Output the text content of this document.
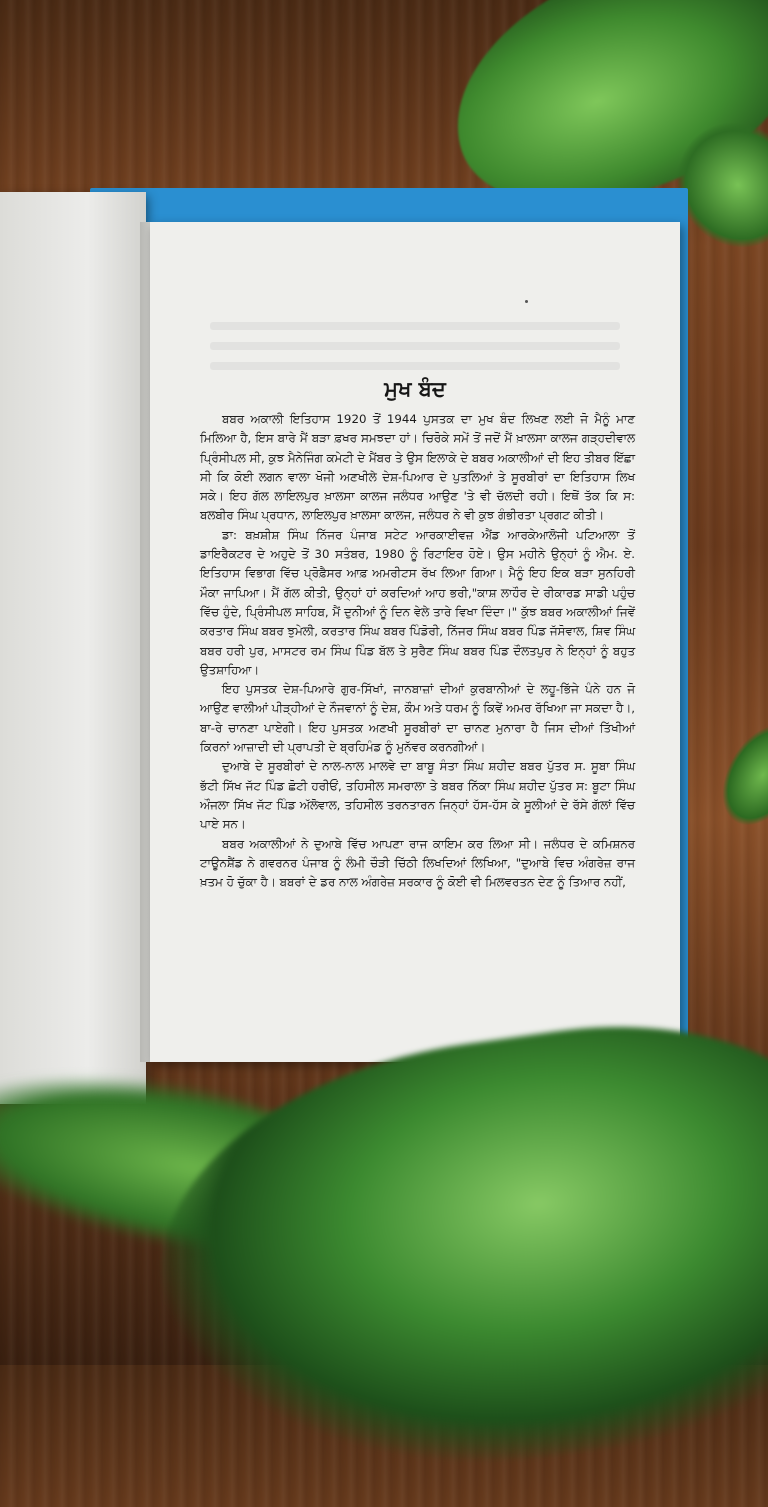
ਮੁਖ ਬੰਦ

ਬਬਰ ਅਕਾਲੀ ਇਤਿਹਾਸ 1920 ਤੋਂ 1944 ਪੁਸਤਕ ਦਾ ਮੁਖ ਬੰਦ ਲਿਖਣ ਲਈ ਜੋ ਮੈਨੂੰ ਮਾਣ ਮਿਲਿਆ ਹੈ, ਇਸ ਬਾਰੇ ਮੈਂ ਬੜਾ ਫ਼ਖਰ ਸਮਝਦਾ ਹਾਂ। ਚਿਰੋਕੇ ਸਮੇਂ ਤੋਂ ਜਦੋਂ ਮੈਂ ਖ਼ਾਲਸਾ ਕਾਲਜ ਗੜ੍ਹਦੀਵਾਲ ਪ੍ਰਿੰਸੀਪਲ ਸੀ, ਕੁਝ ਮੈਨੇਜਿੰਗ ਕਮੇਟੀ ਦੇ ਮੈਂਬਰ ਤੇ ਉਸ ਇਲਾਕੇ ਦੇ ਬਬਰ ਅਕਾਲੀਆਂ ਦੀ ਇਹ ਤੀਬਰ ਇੱਛਾ ਸੀ ਕਿ ਕੋਈ ਲਗਨ ਵਾਲਾ ਖੋਜੀ ਅਣਖੀਲੇ ਦੇਸ਼-ਪਿਆਰ ਦੇ ਪੁਤਲਿਆਂ ਤੇ ਸੂਰਬੀਰਾਂ ਦਾ ਇਤਿਹਾਸ ਲਿਖ ਸਕੇ। ਇਹ ਗੱਲ ਲਾਇਲਪੁਰ ਖ਼ਾਲਸਾ ਕਾਲਜ ਜਲੰਧਰ ਆਉਣ 'ਤੇ ਵੀ ਚੱਲਦੀ ਰਹੀ। ਇਥੋਂ ਤੱਕ ਕਿ ਸ: ਬਲਬੀਰ ਸਿੰਘ ਪ੍ਰਧਾਨ, ਲਾਇਲਪੁਰ ਖ਼ਾਲਸਾ ਕਾਲਜ, ਜਲੰਧਰ ਨੇ ਵੀ ਕੁਝ ਗੰਭੀਰਤਾ ਪ੍ਰਗਟ ਕੀਤੀ।

ਡਾ: ਬਖ਼ਸ਼ੀਸ਼ ਸਿੰਘ ਨਿੱਜਰ ਪੰਜਾਬ ਸਟੇਟ ਆਰਕਾਈਵਜ਼ ਐਂਡ ਆਰਕੇਆਲੋਜੀ ਪਟਿਆਲਾ ਤੋਂ ਡਾਇਰੈਕਟਰ ਦੇ ਅਹੁਦੇ ਤੋਂ 30 ਸਤੰਬਰ, 1980 ਨੂੰ ਰਿਟਾਇਰ ਹੋਏ। ਉਸ ਮਹੀਨੇ ਉਨ੍ਹਾਂ ਨੂੰ ਐਮ. ਏ. ਇਤਿਹਾਸ ਵਿਭਾਗ ਵਿੱਚ ਪ੍ਰੋਫ਼ੈਸਰ ਆਫ਼ ਅਮਰੀਟਸ ਰੱਖ ਲਿਆ ਗਿਆ। ਮੈਨੂੰ ਇਹ ਇਕ ਬੜਾ ਸੁਨਹਿਰੀ ਮੌਕਾ ਜਾਪਿਆ। ਮੈਂ ਗੱਲ ਕੀਤੀ, ਉਨ੍ਹਾਂ ਹਾਂ ਕਰਦਿਆਂ ਆਹ ਭਰੀ,"ਕਾਸ਼ ਲਾਹੌਰ ਦੇ ਰੀਕਾਰਡ ਸਾਡੀ ਪਹੁੰਚ ਵਿੱਚ ਹੁੰਦੇ, ਪ੍ਰਿੰਸੀਪਲ ਸਾਹਿਬ, ਮੈਂ ਦੁਨੀਆਂ ਨੂੰ ਦਿਨ ਵੇਲੇ ਤਾਰੇ ਵਿਖਾ ਦਿੰਦਾ।" ਕੁੱਝ ਬਬਰ ਅਕਾਲੀਆਂ ਜਿਵੇਂ ਕਰਤਾਰ ਸਿੰਘ ਬਬਰ ਝੁਮੇਲੀ, ਕਰਤਾਰ ਸਿੰਘ ਬਬਰ ਪਿੰਡੋਰੀ, ਨਿੱਜਰ ਸਿੰਘ ਬਬਰ ਪਿੰਡ ਜੱਸੋਵਾਲ, ਸ਼ਿਵ ਸਿੰਘ ਬਬਰ ਹਰੀ ਪੁਰ, ਮਾਸਟਰ ਰਮ ਸਿੰਘ ਪਿੰਡ ਬੱਲ ਤੇ ਸੁਰੈਣ ਸਿੰਘ ਬਬਰ ਪਿੰਡ ਦੌਲਤਪੁਰ ਨੇ ਇਨ੍ਹਾਂ ਨੂੰ ਬਹੁਤ ਉਤਸ਼ਾਹਿਆ।

ਇਹ ਪੁਸਤਕ ਦੇਸ਼-ਪਿਆਰੇ ਗੁਰ-ਸਿੱਖਾਂ, ਜਾਨਬਾਜ਼ਾਂ ਦੀਆਂ ਕੁਰਬਾਨੀਆਂ ਦੇ ਲਹੂ-ਭਿੱਜੇ ਪੰਨੇ ਹਨ ਜੋ ਆਉਣ ਵਾਲੀਆਂ ਪੀੜ੍ਹੀਆਂ ਦੇ ਨੌਜਵਾਨਾਂ ਨੂੰ ਦੇਸ਼, ਕੌਮ ਅਤੇ ਧਰਮ ਨੂੰ ਕਿਵੇਂ ਅਮਰ ਰੱਖਿਆ ਜਾ ਸਕਦਾ ਹੈ।, ਬਾ-ਰੇ ਚਾਨਣਾ ਪਾਏਗੀ। ਇਹ ਪੁਸਤਕ ਅਣਖੀ ਸੂਰਬੀਰਾਂ ਦਾ ਚਾਨਣ ਮੁਨਾਰਾ ਹੈ ਜਿਸ ਦੀਆਂ ਤਿੱਖੀਆਂ ਕਿਰਨਾਂ ਆਜ਼ਾਦੀ ਦੀ ਪ੍ਰਾਪਤੀ ਦੇ ਬ੍ਰਹਿਮੰਡ ਨੂੰ ਮੁਨੱਵਰ ਕਰਨਗੀਆਂ।

ਦੁਆਬੇ ਦੇ ਸੂਰਬੀਰਾਂ ਦੇ ਨਾਲ-ਨਾਲ ਮਾਲਵੇ ਦਾ ਬਾਬੂ ਸੰਤਾ ਸਿੰਘ ਸ਼ਹੀਦ ਬਬਰ ਪੁੱਤਰ ਸ. ਸੂਬਾ ਸਿੰਘ ਭੱਟੀ ਸਿੱਖ ਜੱਟ ਪਿੰਡ ਛੋਟੀ ਹਰੀਓਂ, ਤਹਿਸੀਲ ਸਮਰਾਲਾ ਤੇ ਬਬਰ ਨਿੱਕਾ ਸਿੰਘ ਸ਼ਹੀਦ ਪੁੱਤਰ ਸ: ਬੂਟਾ ਸਿੰਘ ਔਜਲਾ ਸਿੱਖ ਜੱਟ ਪਿੰਡ ਅੱਲੋਵਾਲ, ਤਹਿਸੀਲ ਤਰਨਤਾਰਨ ਜਿਨ੍ਹਾਂ ਹੱਸ-ਹੱਸ ਕੇ ਸੂਲੀਆਂ ਦੇ ਰੱਸੇ ਗੱਲਾਂ ਵਿੱਚ ਪਾਏ ਸਨ।

ਬਬਰ ਅਕਾਲੀਆਂ ਨੇ ਦੁਆਬੇ ਵਿੱਚ ਆਪਣਾ ਰਾਜ ਕਾਇਮ ਕਰ ਲਿਆ ਸੀ। ਜਲੰਧਰ ਦੇ ਕਮਿਸ਼ਨਰ ਟਾਊਨਸ਼ੈਂਡ ਨੇ ਗਵਰਨਰ ਪੰਜਾਬ ਨੂੰ ਲੰਮੀ ਚੌੜੀ ਚਿੱਠੀ ਲਿਖਦਿਆਂ ਲਿਖਿਆ, "ਦੁਆਬੇ ਵਿਚ ਅੰਗਰੇਜ਼ ਰਾਜ ਖ਼ਤਮ ਹੋ ਚੁੱਕਾ ਹੈ। ਬਬਰਾਂ ਦੇ ਡਰ ਨਾਲ ਅੰਗਰੇਜ਼ ਸਰਕਾਰ ਨੂੰ ਕੋਈ ਵੀ ਮਿਲਵਰਤਨ ਦੇਣ ਨੂੰ ਤਿਆਰ ਨਹੀਂ,
